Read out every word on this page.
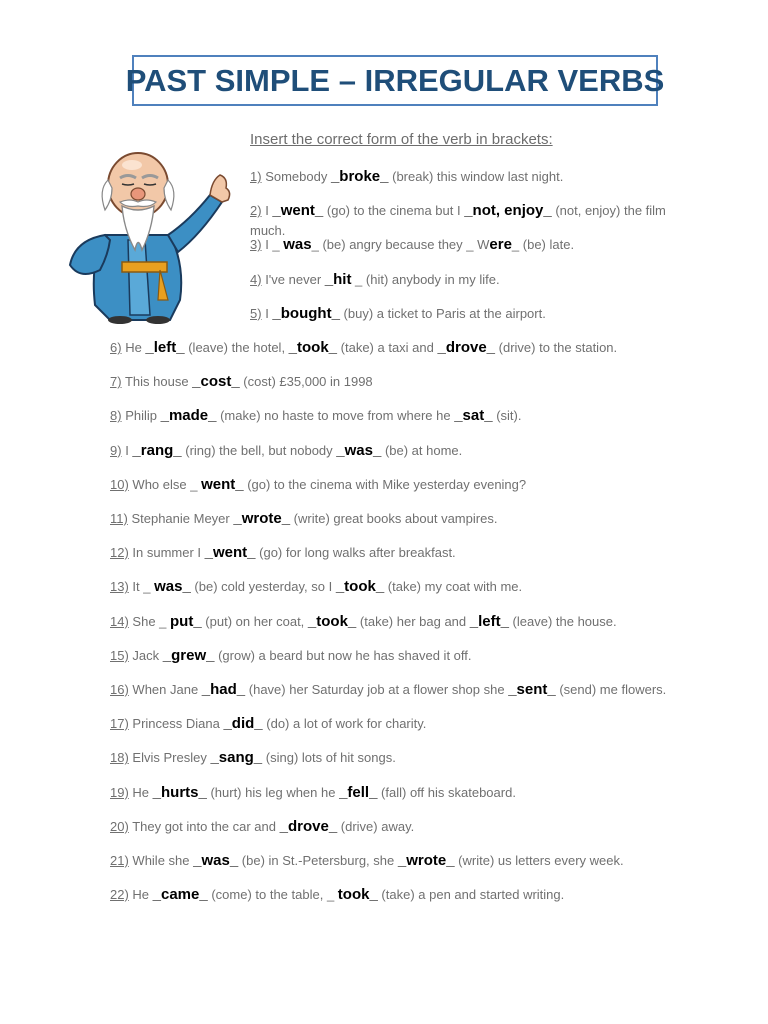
PAST SIMPLE – IRREGULAR VERBS
Insert the correct form of the verb in brackets:
1) Somebody _broke_ (break) this window last night.
2) I _went_ (go) to the cinema but I _not, enjoy_ (not, enjoy) the film
much.
3) I _ was_ (be) angry because they _ Were_ (be) late.
4) I've never _hit _ (hit) anybody in my life.
5) I _bought_ (buy) a ticket to Paris at the airport.
6) He _left_ (leave) the hotel, _took_ (take) a taxi and _drove_ (drive) to the station.
7) This house _cost_ (cost) £35,000 in 1998
8) Philip _made_ (make) no haste to move from where he _sat_ (sit).
9) I _rang_ (ring) the bell, but nobody _was_ (be) at home.
10) Who else _ went_ (go) to the cinema with Mike yesterday evening?
11) Stephanie Meyer _wrote_ (write) great books about vampires.
12) In summer I _went_ (go) for long walks after breakfast.
13) It _ was_ (be) cold yesterday, so I _took_ (take) my coat with me.
14) She _ put_ (put) on her coat, _took_ (take) her bag and _left_ (leave) the house.
15) Jack _grew_ (grow) a beard but now he has shaved it off.
16) When Jane _had_ (have) her Saturday job at a flower shop she _sent_ (send) me flowers.
17) Princess Diana _did_ (do) a lot of work for charity.
18) Elvis Presley _sang_ (sing) lots of hit songs.
19) He _hurts_ (hurt) his leg when he _fell_ (fall) off his skateboard.
20) They got into the car and _drove_ (drive) away.
21) While she _was_ (be) in St.-Petersburg, she _wrote_ (write) us letters every week.
22) He _came_ (come) to the table, _ took_ (take) a pen and started writing.
